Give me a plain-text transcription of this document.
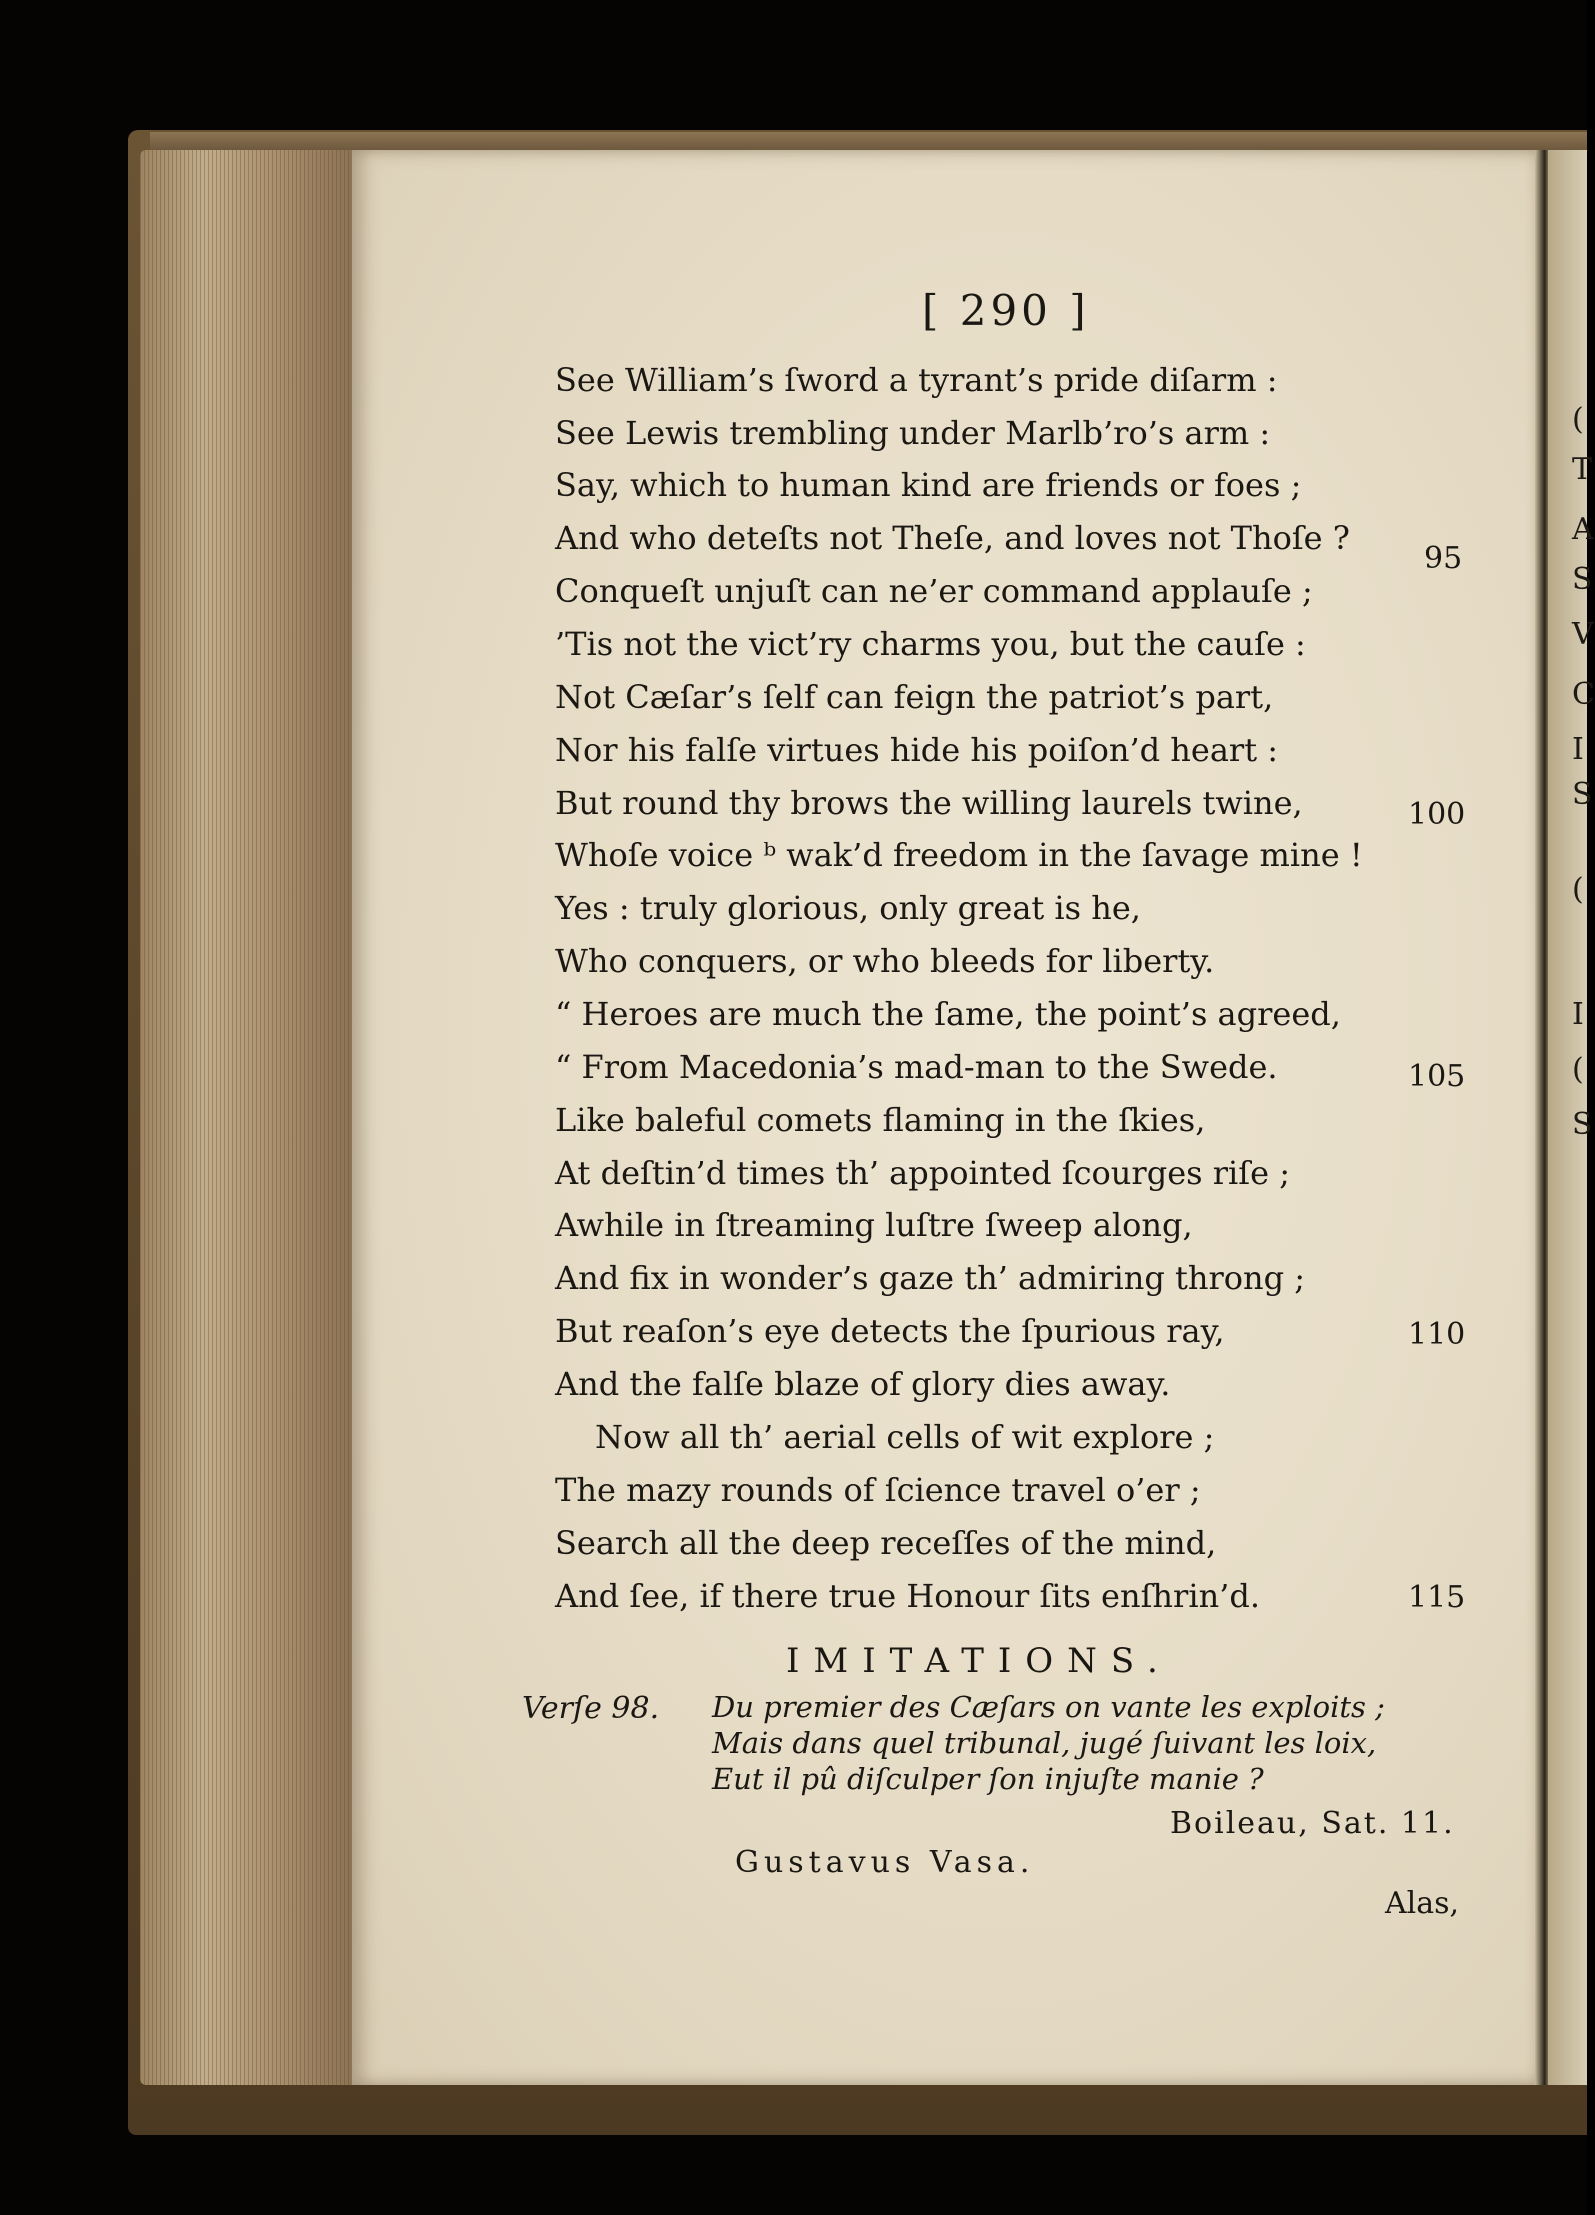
(
T
A
S
V
C
I
S
(
I
(
S
[ 290 ]
See William’s ſword a tyrant’s pride diſarm :
See Lewis trembling under Marlb’ro’s arm :
Say, which to human kind are friends or foes ;
And who deteſts not Theſe, and loves not Thoſe ?
Conqueſt unjuſt can ne’er command applauſe ;
’Tis not the vict’ry charms you, but the cauſe :
Not Cæſar’s ſelf can feign the patriot’s part,
Nor his falſe virtues hide his poiſon’d heart :
But round thy brows the willing laurels twine,
Whoſe voice ᵇ wak’d freedom in the ſavage mine !
Yes : truly glorious, only great is he,
Who conquers, or who bleeds for liberty.
“ Heroes are much the ſame, the point’s agreed,
“ From Macedonia’s mad-man to the Swede.
Like baleful comets flaming in the ſkies,
At deſtin’d times th’ appointed ſcourges riſe ;
Awhile in ſtreaming luſtre ſweep along,
And fix in wonder’s gaze th’ admiring throng ;
But reaſon’s eye detects the ſpurious ray,
And the falſe blaze of glory dies away.
Now all th’ aerial cells of wit explore ;
The mazy rounds of ſcience travel o’er ;
Search all the deep receſſes of the mind,
And ſee, if there true Honour ſits enſhrin’d.
95
100
105
110
115
IMITATIONS.
Verſe 98. Du premier des Cæſars on vante les exploits ;
Mais dans quel tribunal, jugé ſuivant les loix,
Eut il pû diſculper ſon injuſte manie ?
Boileau, Sat. 11.
Gustavus Vasa.
Alas,
